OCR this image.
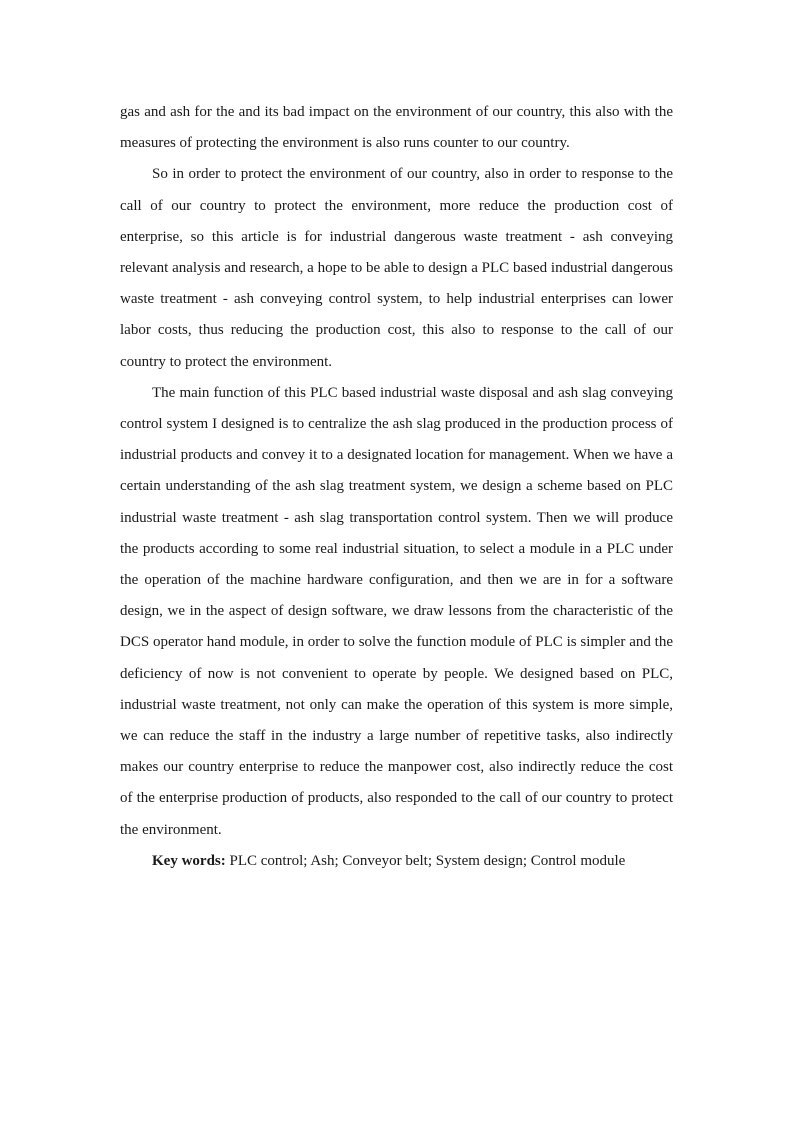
gas and ash for the and its bad impact on the environment of our country, this also with the measures of protecting the environment is also runs counter to our country.

So in order to protect the environment of our country, also in order to response to the call of our country to protect the environment, more reduce the production cost of enterprise, so this article is for industrial dangerous waste treatment - ash conveying relevant analysis and research, a hope to be able to design a PLC based industrial dangerous waste treatment - ash conveying control system, to help industrial enterprises can lower labor costs, thus reducing the production cost, this also to response to the call of our country to protect the environment.

The main function of this PLC based industrial waste disposal and ash slag conveying control system I designed is to centralize the ash slag produced in the production process of industrial products and convey it to a designated location for management. When we have a certain understanding of the ash slag treatment system, we design a scheme based on PLC industrial waste treatment - ash slag transportation control system. Then we will produce the products according to some real industrial situation, to select a module in a PLC under the operation of the machine hardware configuration, and then we are in for a software design, we in the aspect of design software, we draw lessons from the characteristic of the DCS operator hand module, in order to solve the function module of PLC is simpler and the deficiency of now is not convenient to operate by people. We designed based on PLC, industrial waste treatment, not only can make the operation of this system is more simple, we can reduce the staff in the industry a large number of repetitive tasks, also indirectly makes our country enterprise to reduce the manpower cost, also indirectly reduce the cost of the enterprise production of products, also responded to the call of our country to protect the environment.

Key words: PLC control; Ash; Conveyor belt; System design; Control module
